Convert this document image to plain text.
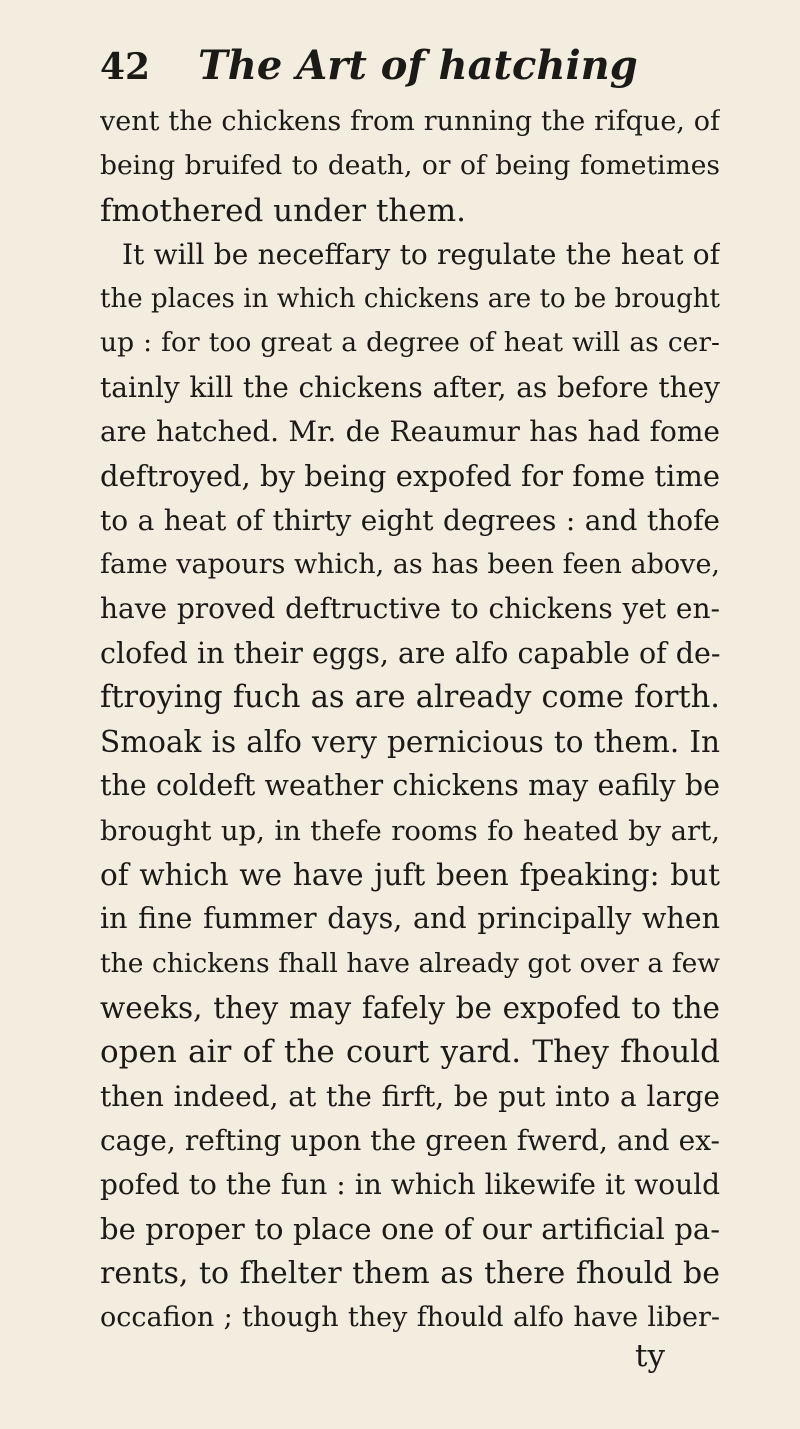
42 The Art of hatching
vent the chickens from running the rifque, of
being bruifed to death, or of being fometimes
fmothered under them.
It will be neceffary to regulate the heat of
the places in which chickens are to be brought
up : for too great a degree of heat will as cer-
tainly kill the chickens after, as before they
are hatched. Mr. de Reaumur has had fome
deftroyed, by being expofed for fome time
to a heat of thirty eight degrees : and thofe
fame vapours which, as has been feen above,
have proved deftructive to chickens yet en-
clofed in their eggs, are alfo capable of de-
ftroying fuch as are already come forth.
Smoak is alfo very pernicious to them. In
the coldeft weather chickens may eafily be
brought up, in thefe rooms fo heated by art,
of which we have juft been fpeaking: but
in fine fummer days, and principally when
the chickens fhall have already got over a few
weeks, they may fafely be expofed to the
open air of the court yard. They fhould
then indeed, at the firft, be put into a large
cage, refting upon the green fwerd, and ex-
pofed to the fun : in which likewife it would
be proper to place one of our artificial pa-
rents, to fhelter them as there fhould be
occafion ; though they fhould alfo have liber-
ty
